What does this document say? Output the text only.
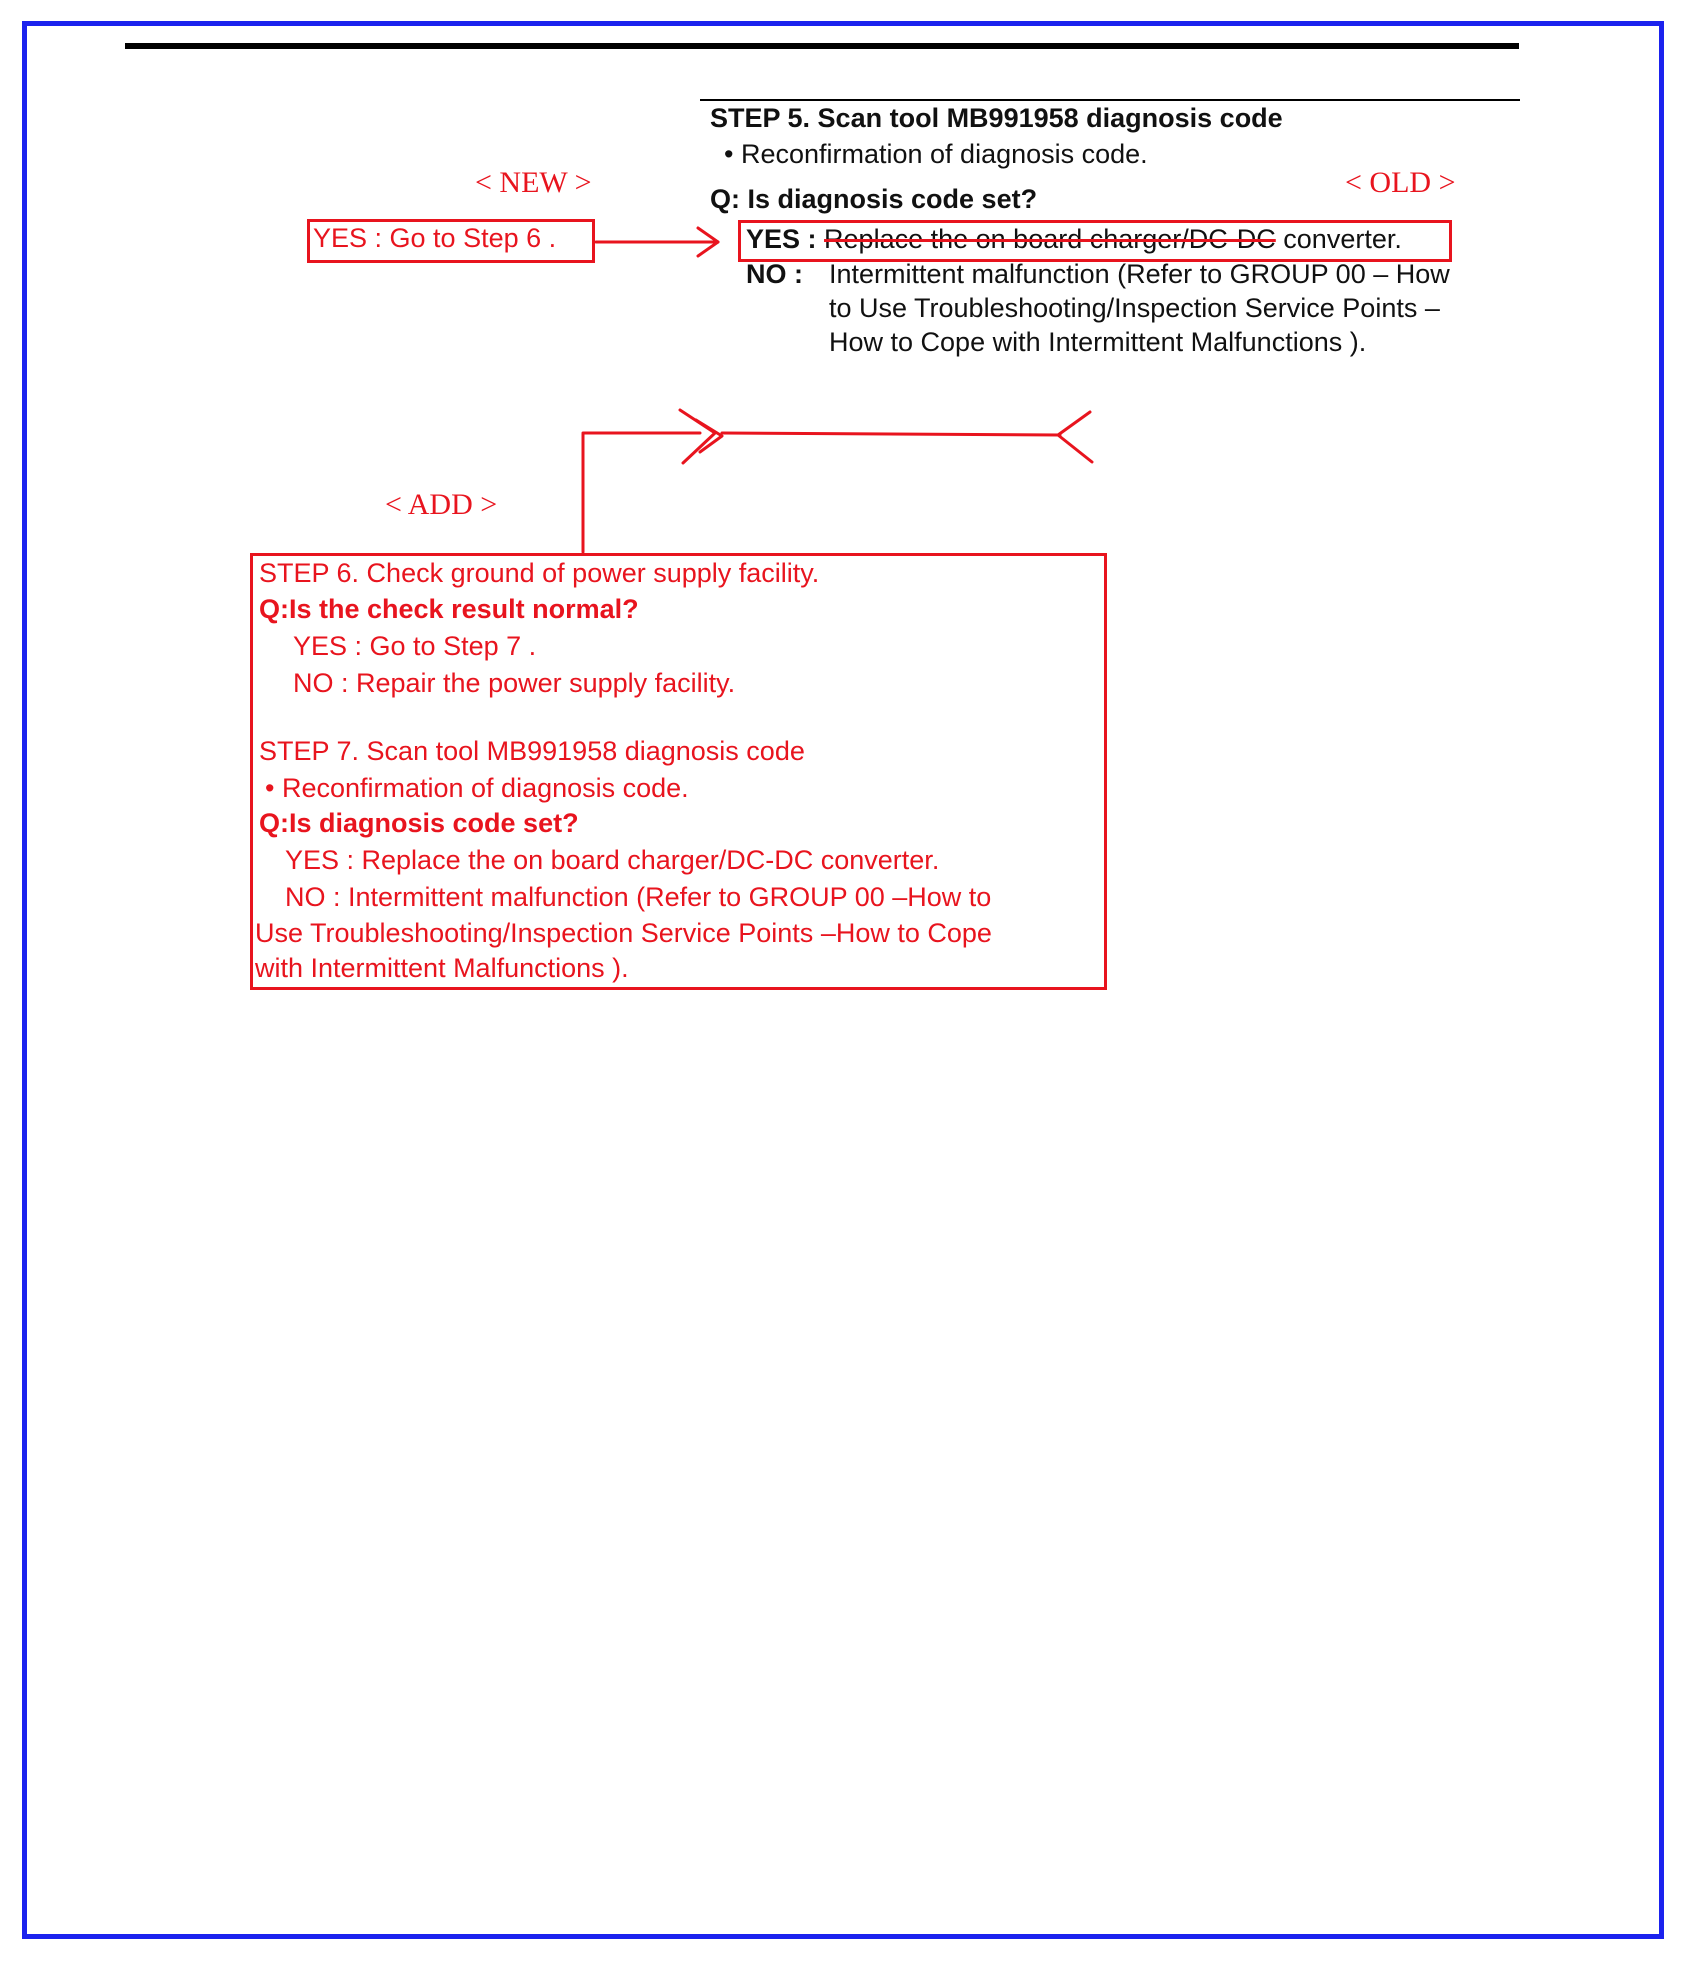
STEP 5. Scan tool MB991958 diagnosis code
• Reconfirmation of diagnosis code.
Q: Is diagnosis code set?
YES : Replace the on board charger/DC-DC converter.
NO : Intermittent malfunction (Refer to GROUP 00 – How
to Use Troubleshooting/Inspection Service Points –
How to Cope with Intermittent Malfunctions ).
< NEW >	< OLD >
< ADD >
YES : Go to Step 6 .
STEP 6. Check ground of power supply facility.
Q:Is the check result normal?
YES : Go to Step 7 .
NO : Repair the power supply facility.
STEP 7. Scan tool MB991958 diagnosis code
• Reconfirmation of diagnosis code.
Q:Is diagnosis code set?
YES : Replace the on board charger/DC-DC converter.
NO : Intermittent malfunction (Refer to GROUP 00 –How to
Use Troubleshooting/Inspection Service Points –How to Cope
with Intermittent Malfunctions ).
